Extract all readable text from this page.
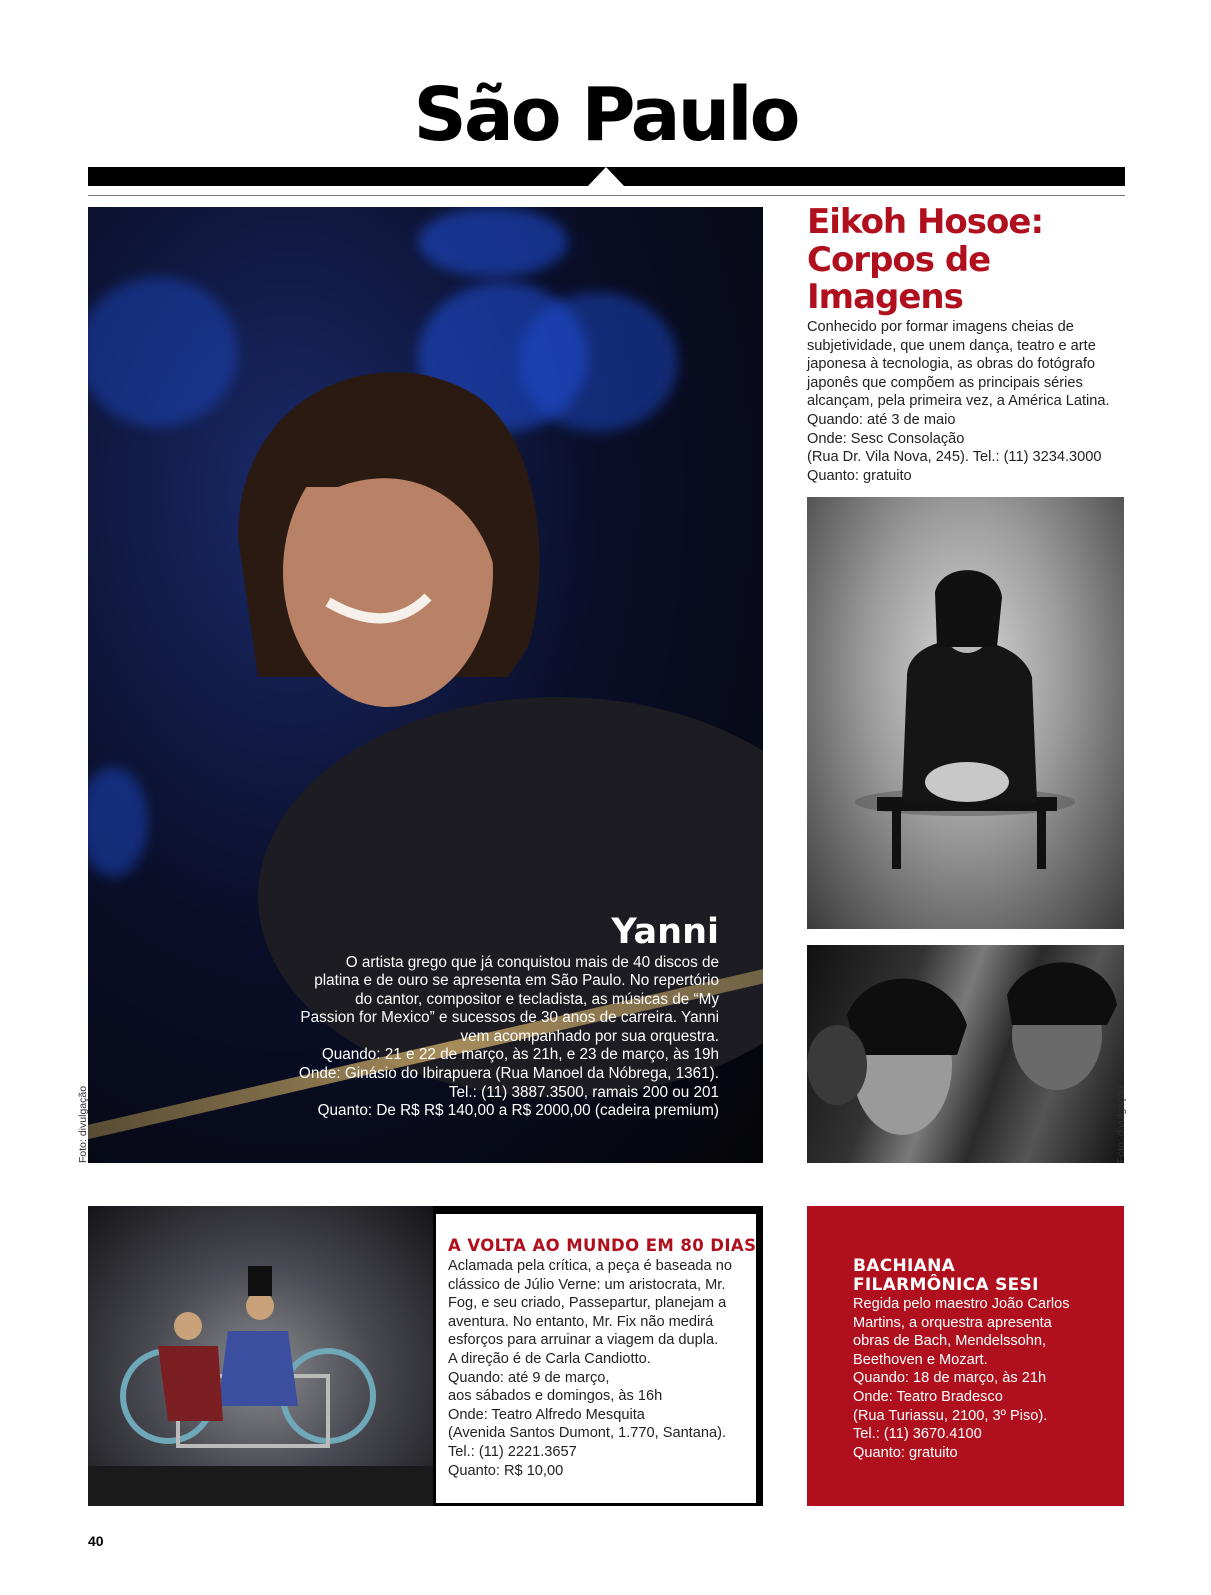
São Paulo
Yanni
O artista grego que já conquistou mais de 40 discos de
platina e de ouro se apresenta em São Paulo. No repertório
do cantor, compositor e tecladista, as músicas de “My
Passion for Mexico” e sucessos de 30 anos de carreira. Yanni
vem acompanhado por sua orquestra.
Quando: 21 e 22 de março, às 21h, e 23 de março, às 19h
Onde: Ginásio do Ibirapuera (Rua Manoel da Nóbrega, 1361).
Tel.: (11) 3887.3500, ramais 200 ou 201
Quanto: De R$ R$ 140,00 a R$ 2000,00 (cadeira premium)
Foto: divulgação
Eikoh Hosoe:
Corpos de
Imagens
Conhecido por formar imagens cheias de
subjetividade, que unem dança, teatro e arte
japonesa à tecnologia, as obras do fotógrafo
japonês que compõem as principais séries
alcançam, pela primeira vez, a América Latina.
Quando: até 3 de maio
Onde: Sesc Consolação
(Rua Dr. Vila Nova, 245). Tel.: (11) 3234.3000
Quanto: gratuito
Foto: divulgação
A VOLTA AO MUNDO EM 80 DIAS
Aclamada pela crítica, a peça é baseada no
clássico de Júlio Verne: um aristocrata, Mr.
Fog, e seu criado, Passepartur, planejam a
aventura. No entanto, Mr. Fix não medirá
esforços para arruinar a viagem da dupla.
A direção é de Carla Candiotto.
Quando: até 9 de março,
aos sábados e domingos, às 16h
Onde: Teatro Alfredo Mesquita
(Avenida Santos Dumont, 1.770, Santana).
Tel.: (11) 2221.3657
Quanto: R$ 10,00
BACHIANA
FILARMÔNICA SESI
Regida pelo maestro João Carlos
Martins, a orquestra apresenta
obras de Bach, Mendelssohn,
Beethoven e Mozart.
Quando: 18 de março, às 21h
Onde: Teatro Bradesco
(Rua Turiassu, 2100, 3º Piso).
Tel.: (11) 3670.4100
Quanto: gratuito
40
